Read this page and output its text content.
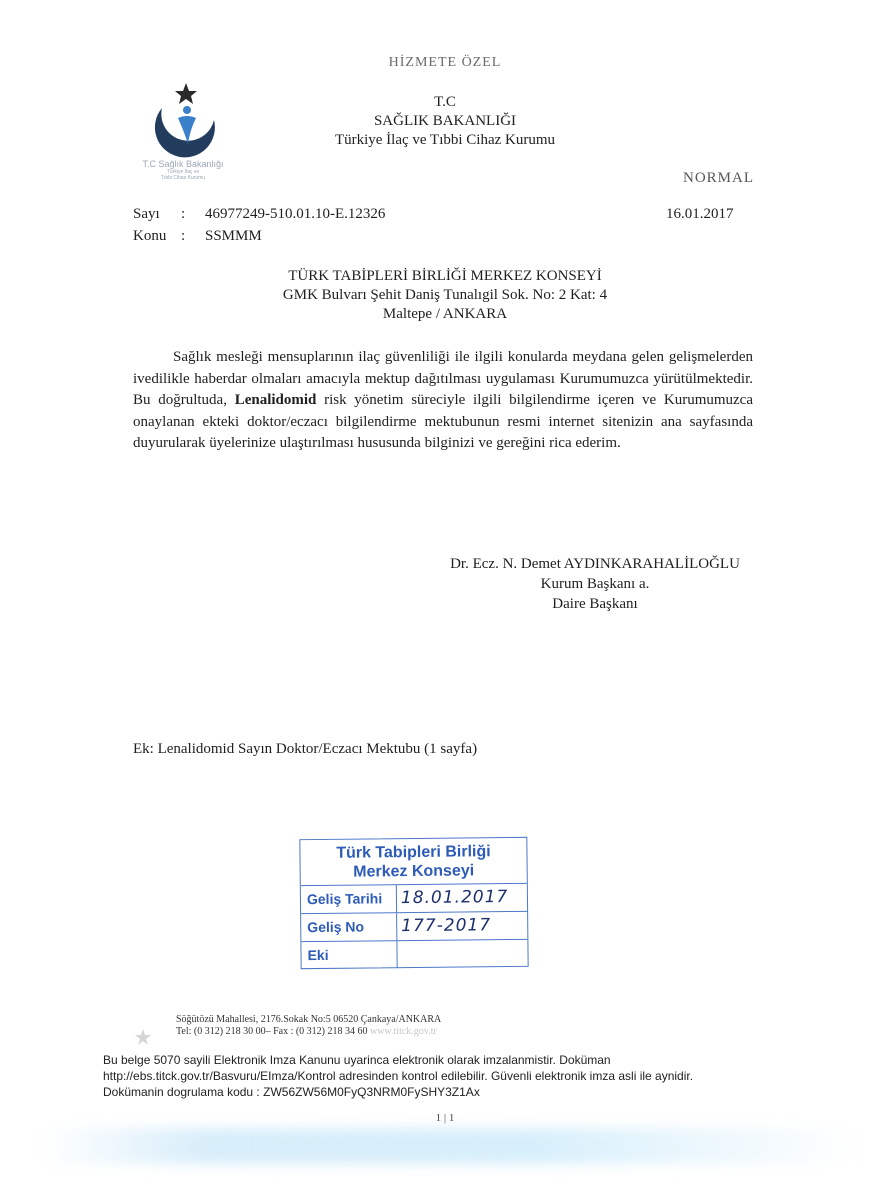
HİZMETE ÖZEL
T.C Sağlık Bakanlığı
Türkiye İlaç ve
Tıbbi Cihaz Kurumu
T.C
SAĞLIK BAKANLIĞI
Türkiye İlaç ve Tıbbi Cihaz Kurumu
NORMAL
Sayı : 46977249-510.01.10-E.12326
Konu : SSMMM
16.01.2017
TÜRK TABİPLERİ BİRLİĞİ MERKEZ KONSEYİ
GMK Bulvarı Şehit Daniş Tunalıgil Sok. No: 2 Kat: 4
Maltepe / ANKARA
Sağlık mesleği mensuplarının ilaç güvenliliği ile ilgili konularda meydana gelen gelişmelerden ivedilikle haberdar olmaları amacıyla mektup dağıtılması uygulaması Kurumumuzca yürütülmektedir. Bu doğrultuda, Lenalidomid risk yönetim süreciyle ilgili bilgilendirme içeren ve Kurumumuzca onaylanan ekteki doktor/eczacı bilgilendirme mektubunun resmi internet sitenizin ana sayfasında duyurularak üyelerinize ulaştırılması hususunda bilginizi ve gereğini rica ederim.
Dr. Ecz. N. Demet AYDINKARAHALİLOĞLU
Kurum Başkanı a.
Daire Başkanı
Ek: Lenalidomid Sayın Doktor/Eczacı Mektubu (1 sayfa)
Türk Tabipleri Birliği
Merkez Konseyi
Geliş Tarihi	18.01.2017
Geliş No	177-2017
Eki
Söğütözü Mahallesi, 2176.Sokak No:5 06520 Çankaya/ANKARA
Tel: (0 312) 218 30 00– Fax : (0 312) 218 34 60 www.titck.gov.tr
Bu belge 5070 sayili Elektronik Imza Kanunu uyarinca elektronik olarak imzalanmistir. Doküman
http://ebs.titck.gov.tr/Basvuru/EImza/Kontrol adresinden kontrol edilebilir. Güvenli elektronik imza asli ile aynidir.
Dokümanin dogrulama kodu : ZW56ZW56M0FyQ3NRM0FySHY3Z1Ax
1 | 1
